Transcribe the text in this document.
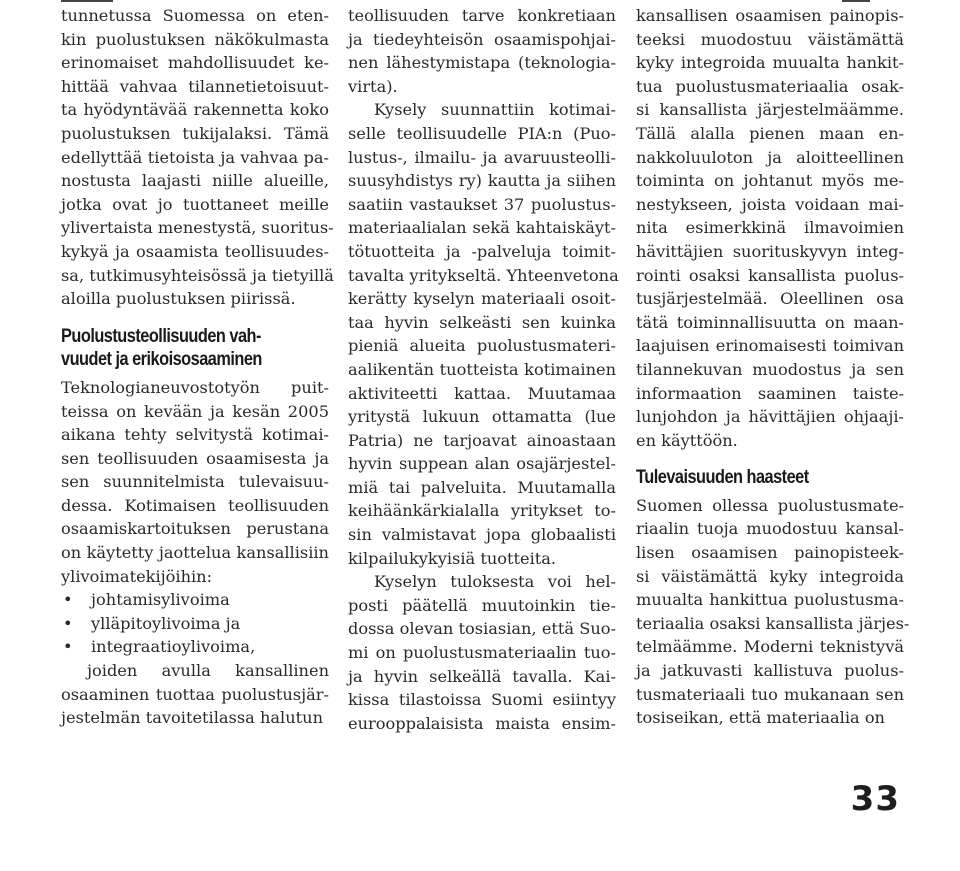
tunnetussa Suomessa on eten-
kin puolustuksen näkökulmasta
erinomaiset mahdollisuudet ke-
hittää vahvaa tilannetietoisuut-
ta hyödyntävää rakennetta koko
puolustuksen tukijalaksi. Tämä
edellyttää tietoista ja vahvaa pa-
nostusta laajasti niille alueille,
jotka ovat jo tuottaneet meille
ylivertaista menestystä, suoritus-
kykyä ja osaamista teollisuudes-
sa, tutkimusyhteisössä ja tietyillä
aloilla puolustuksen piirissä.
Puolustusteollisuuden vah-
vuudet ja erikoisosaaminen
Teknologianeuvostotyön puit-
teissa on kevään ja kesän 2005
aikana tehty selvitystä kotimai-
sen teollisuuden osaamisesta ja
sen suunnitelmista tulevaisuu-
dessa. Kotimaisen teollisuuden
osaamiskartoituksen perustana
on käytetty jaottelua kansallisiin
ylivoimatekijöihin:
• johtamisylivoima
• ylläpitoylivoima ja
• integraatioylivoima,
joiden avulla kansallinen
osaaminen tuottaa puolustusjär-
jestelmän tavoitetilassa halutun
teollisuuden tarve konkretiaan
ja tiedeyhteisön osaamispohjai-
nen lähestymistapa (teknologia-
virta).
Kysely suunnattiin kotimai-
selle teollisuudelle PIA:n (Puo-
lustus-, ilmailu- ja avaruusteolli-
suusyhdistys ry) kautta ja siihen
saatiin vastaukset 37 puolustus-
materiaalialan sekä kahtaiskäyt-
tötuotteita ja -palveluja toimit-
tavalta yritykseltä. Yhteenvetona
kerätty kyselyn materiaali osoit-
taa hyvin selkeästi sen kuinka
pieniä alueita puolustusmateri-
aalikentän tuotteista kotimainen
aktiviteetti kattaa. Muutamaa
yritystä lukuun ottamatta (lue
Patria) ne tarjoavat ainoastaan
hyvin suppean alan osajärjestel-
miä tai palveluita. Muutamalla
keihäänkärkialalla yritykset to-
sin valmistavat jopa globaalisti
kilpailukykyisiä tuotteita.
Kyselyn tuloksesta voi hel-
posti päätellä muutoinkin tie-
dossa olevan tosiasian, että Suo-
mi on puolustusmateriaalin tuo-
ja hyvin selkeällä tavalla. Kai-
kissa tilastoissa Suomi esiintyy
eurooppalaisista maista ensim-
kansallisen osaamisen painopis-
teeksi muodostuu väistämättä
kyky integroida muualta hankit-
tua puolustusmateriaalia osak-
si kansallista järjestelmäämme.
Tällä alalla pienen maan en-
nakkoluuloton ja aloitteellinen
toiminta on johtanut myös me-
nestykseen, joista voidaan mai-
nita esimerkkinä ilmavoimien
hävittäjien suorituskyvyn integ-
rointi osaksi kansallista puolus-
tusjärjestelmää. Oleellinen osa
tätä toiminnallisuutta on maan-
laajuisen erinomaisesti toimivan
tilannekuvan muodostus ja sen
informaation saaminen taiste-
lunjohdon ja hävittäjien ohjaaji-
en käyttöön.
Tulevaisuuden haasteet
Suomen ollessa puolustusmate-
riaalin tuoja muodostuu kansal-
lisen osaamisen painopisteek-
si väistämättä kyky integroida
muualta hankittua puolustusma-
teriaalia osaksi kansallista järjes-
telmäämme. Moderni teknistyvä
ja jatkuvasti kallistuva puolus-
tusmateriaali tuo mukanaan sen
tosiseikan, että materiaalia on
33
